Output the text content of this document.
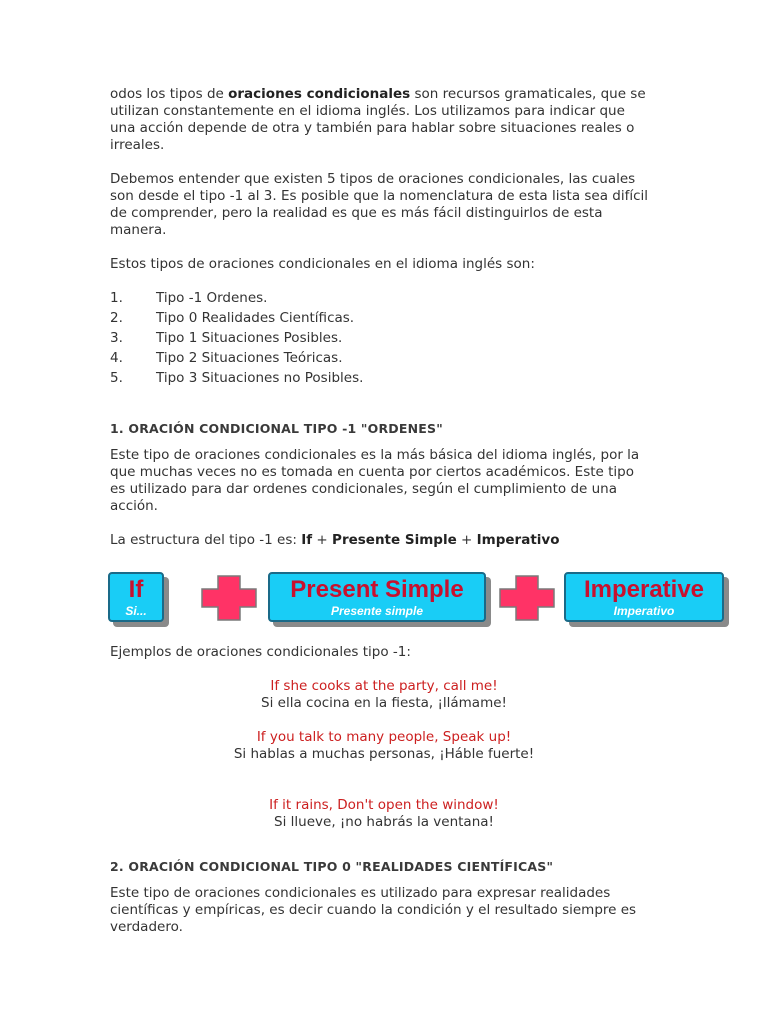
odos los tipos de oraciones condicionales son recursos gramaticales, que se utilizan constantemente en el idioma inglés. Los utilizamos para indicar que una acción depende de otra y también para hablar sobre situaciones reales o irreales.

Debemos entender que existen 5 tipos de oraciones condicionales, las cuales son desde el tipo -1 al 3. Es posible que la nomenclatura de esta lista sea difícil de comprender, pero la realidad es que es más fácil distinguirlos de esta manera.

Estos tipos de oraciones condicionales en el idioma inglés son:

1.	Tipo -1 Ordenes.
2.	Tipo 0 Realidades Científicas.
3.	Tipo 1 Situaciones Posibles.
4.	Tipo 2 Situaciones Teóricas.
5.	Tipo 3 Situaciones no Posibles.
1. ORACIÓN CONDICIONAL TIPO -1 "ORDENES"

Este tipo de oraciones condicionales es la más básica del idioma inglés, por la que muchas veces no es tomada en cuenta por ciertos académicos. Este tipo es utilizado para dar ordenes condicionales, según el cumplimiento de una acción.

La estructura del tipo -1 es: If + Presente Simple + Imperativo

If
Si...
Present Simple
Presente simple
Imperative
Imperativo

Ejemplos de oraciones condicionales tipo -1:

If she cooks at the party, call me!
Si ella cocina en la fiesta, ¡llámame!
If you talk to many people, Speak up!
Si hablas a muchas personas, ¡Háble fuerte!
If it rains, Don't open the window!
Si llueve, ¡no habrás la ventana!
2. ORACIÓN CONDICIONAL TIPO 0 "REALIDADES CIENTÍFICAS"

Este tipo de oraciones condicionales es utilizado para expresar realidades científicas y empíricas, es decir cuando la condición y el resultado siempre es verdadero.
